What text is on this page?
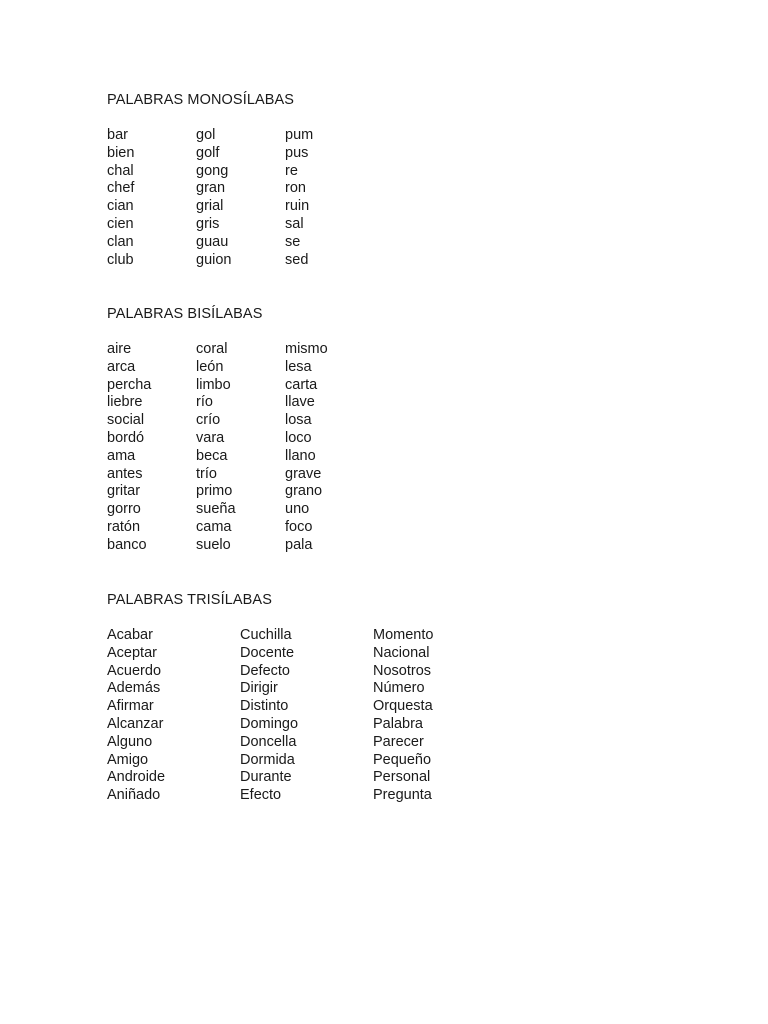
PALABRAS MONOSÍLABAS
bar
bien
chal
chef
cian
cien
clan
club
gol
golf
gong
gran
grial
gris
guau
guion
pum
pus
re
ron
ruin
sal
se
sed
PALABRAS BISÍLABAS
aire
arca
percha
liebre
social
bordó
ama
antes
gritar
gorro
ratón
banco
coral
león
limbo
río
crío
vara
beca
trío
primo
sueña
cama
suelo
mismo
lesa
carta
llave
losa
loco
llano
grave
grano
uno
foco
pala
PALABRAS TRISÍLABAS
Acabar
Aceptar
Acuerdo
Además
Afirmar
Alcanzar
Alguno
Amigo
Androide
Aniñado
Cuchilla
Docente
Defecto
Dirigir
Distinto
Domingo
Doncella
Dormida
Durante
Efecto
Momento
Nacional
Nosotros
Número
Orquesta
Palabra
Parecer
Pequeño
Personal
Pregunta
